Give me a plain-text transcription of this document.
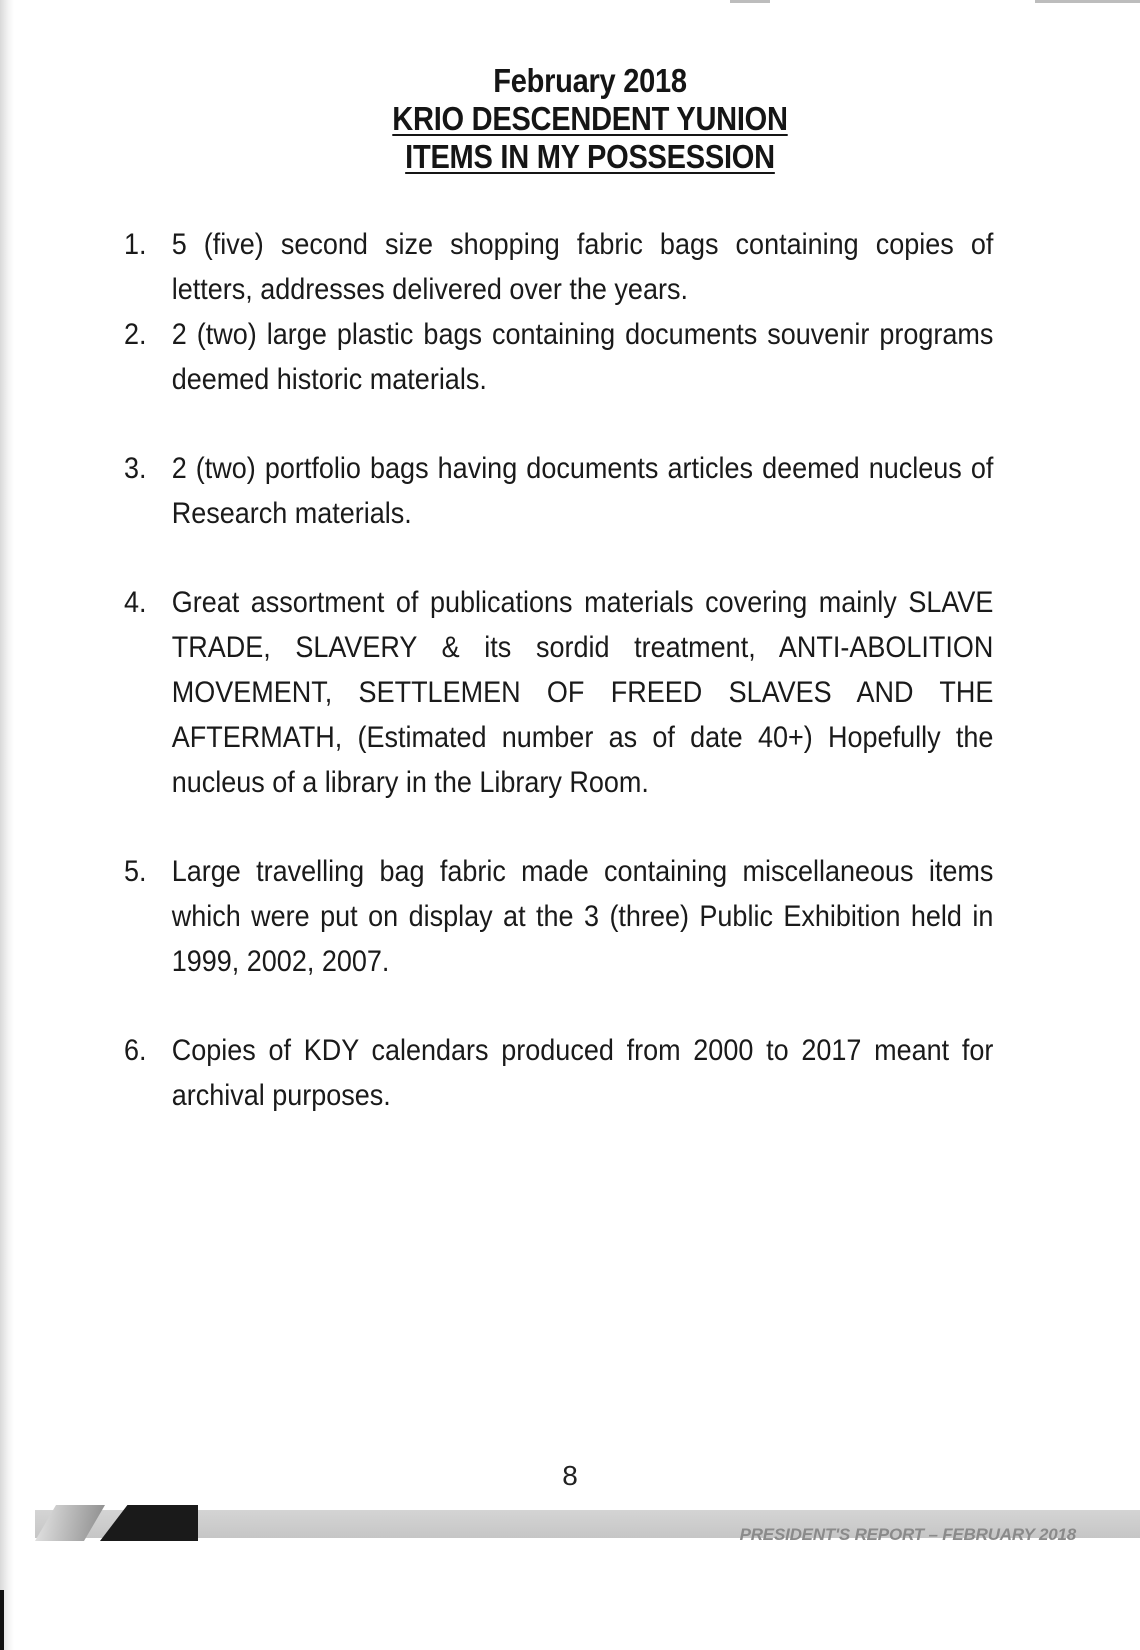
February 2018
KRIO DESCENDENT YUNION
ITEMS IN MY POSSESSION
1. 5 (five) second size shopping fabric bags containing copies of letters, addresses delivered over the years.
2. 2 (two) large plastic bags containing documents souvenir programs deemed historic materials.
3. 2 (two) portfolio bags having documents articles deemed nucleus of Research materials.
4. Great assortment of publications materials covering mainly SLAVE TRADE, SLAVERY & its sordid treatment, ANTI-ABOLITION MOVEMENT, SETTLEMEN OF FREED SLAVES AND THE AFTERMATH, (Estimated number as of date 40+) Hopefully the nucleus of a library in the Library Room.
5. Large travelling bag fabric made containing miscellaneous items which were put on display at the 3 (three) Public Exhibition held in 1999, 2002, 2007.
6. Copies of KDY calendars produced from 2000 to 2017 meant for archival purposes.
8
PRESIDENT'S REPORT – FEBRUARY 2018
